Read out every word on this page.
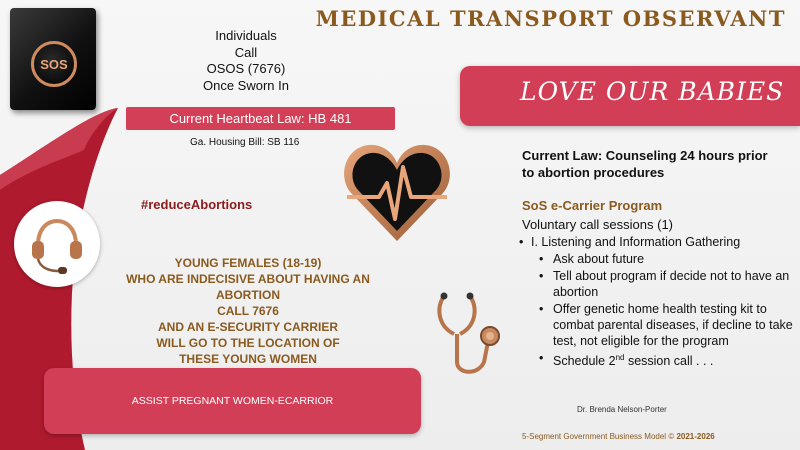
SOS
MEDICAL TRANSPORT OBSERVANT
Individuals
Call
OSOS (7676)
Once Sworn In
Current Heartbeat Law: HB 481
Ga. Housing Bill: SB 116
LOVE OUR BABIES
Current Law: Counseling 24 hours prior to abortion procedures
SoS e-Carrier Program
Voluntary call sessions (1)
• I. Listening and Information Gathering
• Ask about future
• Tell about program if decide not to have an abortion
• Offer genetic home health testing kit to combat parental diseases, if decline to take test, not eligible for the program
• Schedule 2nd session call . . .
Dr. Brenda Nelson-Porter
5-Segment Government Business Model © 2021-2026
#reduceAbortions
YOUNG FEMALES (18-19)
WHO ARE INDECISIVE ABOUT HAVING AN
ABORTION
CALL 7676
AND AN E-SECURITY CARRIER
WILL GO TO THE LOCATION OF
THESE YOUNG WOMEN
ASSIST PREGNANT WOMEN-ECARRIOR
